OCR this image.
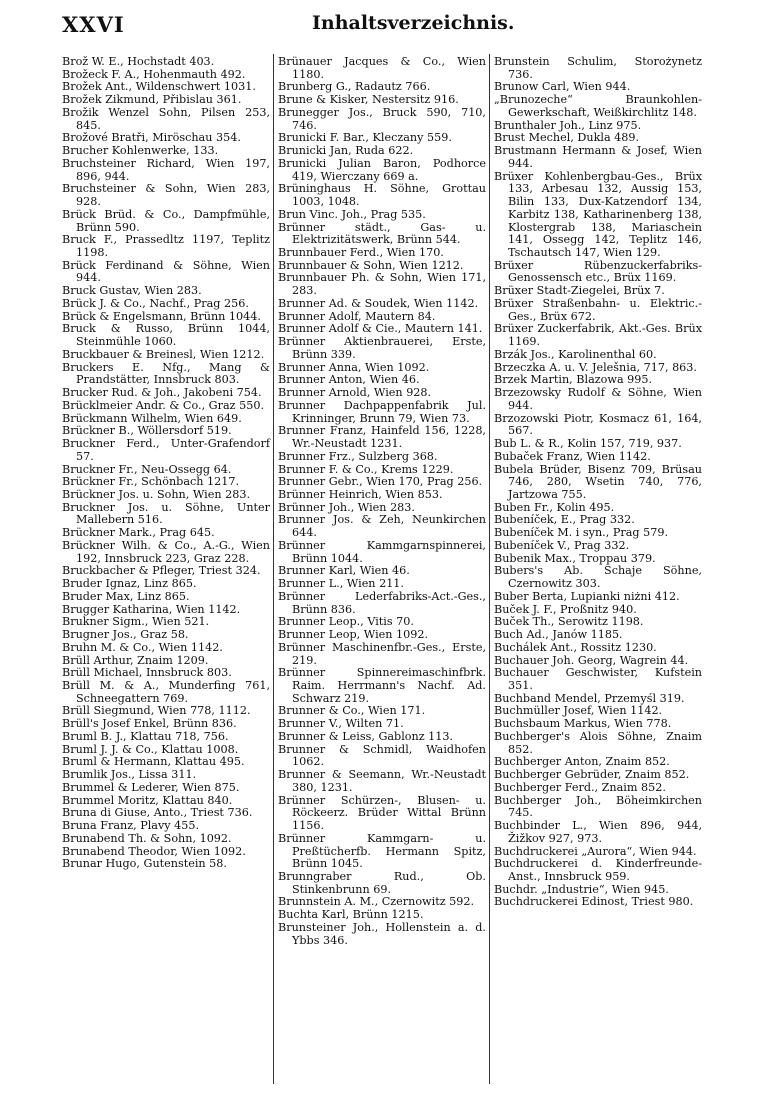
XXVI	Inhaltsverzeichnis.
Brož W. E., Hochstadt 403.
Brožeck F. A., Hohenmauth 492.
Brožek Ant., Wildenschwert 1031.
Brožek Zikmund, Přibislau 361.
Brožik Wenzel Sohn, Pilsen 253, 845.
Brožové Bratři, Miröschau 354.
Brucher Kohlenwerke, 133.
Bruchsteiner Richard, Wien 197, 896, 944.
Bruchsteiner & Sohn, Wien 283, 928.
Brück Brüd. & Co., Dampfmühle, Brünn 590.
Bruck F., Prassedltz 1197, Teplitz 1198.
Brück Ferdinand & Söhne, Wien 944.
Bruck Gustav, Wien 283.
Brück J. & Co., Nachf., Prag 256.
Brück & Engelsmann, Brünn 1044.
Bruck & Russo, Brünn 1044, Steinmühle 1060.
Bruckbauer & Breinesl, Wien 1212.
Bruckers E. Nfg., Mang & Prandstätter, Innsbruck 803.
Brucker Rud. & Joh., Jakobeni 754.
Brücklmeier Andr. & Co., Graz 550.
Brückmann Wilhelm, Wien 649.
Brückner B., Wöllersdorf 519.
Bruckner Ferd., Unter-Grafendorf 57.
Bruckner Fr., Neu-Ossegg 64.
Brückner Fr., Schönbach 1217.
Brückner Jos. u. Sohn, Wien 283.
Bruckner Jos. u. Söhne, Unter Mallebern 516.
Brückner Mark., Prag 645.
Brückner Wilh. & Co., A.-G., Wien 192, Innsbruck 223, Graz 228.
Bruckbacher & Pfleger, Triest 324.
Bruder Ignaz, Linz 865.
Bruder Max, Linz 865.
Brugger Katharina, Wien 1142.
Brukner Sigm., Wien 521.
Brugner Jos., Graz 58.
Bruhn M. & Co., Wien 1142.
Brüll Arthur, Znaim 1209.
Brüll Michael, Innsbruck 803.
Brüll M. & A., Munderfing 761, Schneegattern 769.
Brüll Siegmund, Wien 778, 1112.
Brüll's Josef Enkel, Brünn 836.
Bruml B. J., Klattau 718, 756.
Bruml J. J. & Co., Klattau 1008.
Bruml & Hermann, Klattau 495.
Brumlik Jos., Lissa 311.
Brummel & Lederer, Wien 875.
Brummel Moritz, Klattau 840.
Bruna di Giuse, Anto., Triest 736.
Bruna Franz, Plavy 455.
Brunabend Th. & Sohn, 1092.
Brunabend Theodor, Wien 1092.
Brunar Hugo, Gutenstein 58.
Brünauer Jacques & Co., Wien 1180.
Brunberg G., Radautz 766.
Brune & Kisker, Nestersitz 916.
Brunegger Jos., Bruck 590, 710, 746.
Brunicki F. Bar., Kleczany 559.
Brunicki Jan, Ruda 622.
Brunicki Julian Baron, Podhorce 419, Wierczany 669 a.
Brüninghaus H. Söhne, Grottau 1003, 1048.
Brun Vinc. Joh., Prag 535.
Brünner städt., Gas- u. Elektrizitätswerk, Brünn 544.
Brunnbauer Ferd., Wien 170.
Brunnbauer & Sohn, Wien 1212.
Brunnbauer Ph. & Sohn, Wien 171, 283.
Brunner Ad. & Soudek, Wien 1142.
Brunner Adolf, Mautern 84.
Brunner Adolf & Cie., Mautern 141.
Brünner Aktienbrauerei, Erste, Brünn 339.
Brunner Anna, Wien 1092.
Brunner Anton, Wien 46.
Brunner Arnold, Wien 928.
Brunner Dachpappenfabrik Jul. Krinninger, Brunn 79, Wien 73.
Brunner Franz, Hainfeld 156, 1228, Wr.-Neustadt 1231.
Brunner Frz., Sulzberg 368.
Brunner F. & Co., Krems 1229.
Brunner Gebr., Wien 170, Prag 256.
Brünner Heinrich, Wien 853.
Brünner Joh., Wien 283.
Brunner Jos. & Zeh, Neunkirchen 644.
Brünner Kammgarnspinnerei, Brünn 1044.
Brunner Karl, Wien 46.
Brunner L., Wien 211.
Brünner Lederfabriks-Act.-Ges., Brünn 836.
Brunner Leop., Vitis 70.
Brunner Leop, Wien 1092.
Brünner Maschinenfbr.-Ges., Erste, 219.
Brünner Spinnereimaschinfbrk. Raim. Herrmann's Nachf. Ad. Schwarz 219.
Brunner & Co., Wien 171.
Brunner V., Wilten 71.
Brunner & Leiss, Gablonz 113.
Brunner & Schmidl, Waidhofen 1062.
Brunner & Seemann, Wr.-Neustadt 380, 1231.
Brünner Schürzen-, Blusen- u. Röckeerz. Brüder Wittal Brünn 1156.
Brünner Kammgarn- u. Preßtücherfb. Hermann Spitz, Brünn 1045.
Brunngraber Rud., Ob. Stinkenbrunn 69.
Brunnstein A. M., Czernowitz 592.
Buchta Karl, Brünn 1215.
Brunsteiner Joh., Hollenstein a. d. Ybbs 346.
Brunstein Schulim, Storożynetz 736.
Brunow Carl, Wien 944.
„Brunozeche“ Braunkohlen-Gewerkschaft, Weißkirchlitz 148.
Brunthaler Joh., Linz 975.
Brust Mechel, Dukla 489.
Brustmann Hermann & Josef, Wien 944.
Brüxer Kohlenbergbau-Ges., Brüx 133, Arbesau 132, Aussig 153, Bilin 133, Dux-Katzendorf 134, Karbitz 138, Katharinenberg 138, Klostergrab 138, Mariaschein 141, Ossegg 142, Teplitz 146, Tschautsch 147, Wien 129.
Brüxer Rübenzuckerfabriks-Genossensch etc., Brüx 1169.
Brüxer Stadt-Ziegelei, Brüx 7.
Brüxer Straßenbahn- u. Elektric.-Ges., Brüx 672.
Brüxer Zuckerfabrik, Akt.-Ges. Brüx 1169.
Brzák Jos., Karolinenthal 60.
Brzeczka A. u. V. Jelešnia, 717, 863.
Brzek Martin, Blazowa 995.
Brzezowsky Rudolf & Söhne, Wien 944.
Brzozowski Piotr, Kosmacz 61, 164, 567.
Bub L. & R., Kolin 157, 719, 937.
Bubaček Franz, Wien 1142.
Bubela Brüder, Bisenz 709, Brüsau 746, 280, Wsetin 740, 776, Jartzowa 755.
Buben Fr., Kolin 495.
Bubeníček, E., Prag 332.
Bubeníček M. i syn., Prag 579.
Bubeníček V., Prag 332.
Bubenik Max., Troppau 379.
Bubers's Ab. Schaje Söhne, Czernowitz 303.
Buber Berta, Lupianki niżni 412.
Buček J. F., Proßnitz 940.
Buček Th., Serowitz 1198.
Buch Ad., Janów 1185.
Buchálek Ant., Rossitz 1230.
Buchauer Joh. Georg, Wagrein 44.
Buchauer Geschwister, Kufstein 351.
Buchband Mendel, Przemyśl 319.
Buchmüller Josef, Wien 1142.
Buchsbaum Markus, Wien 778.
Buchberger's Alois Söhne, Znaim 852.
Buchberger Anton, Znaim 852.
Buchberger Gebrüder, Znaim 852.
Buchberger Ferd., Znaim 852.
Buchberger Joh., Böheimkirchen 745.
Buchbinder L., Wien 896, 944, Žižkov 927, 973.
Buchdruckerei „Aurora“, Wien 944.
Buchdruckerei d. Kinderfreunde-Anst., Innsbruck 959.
Buchdr. „Industrie“, Wien 945.
Buchdruckerei Edinost, Triest 980.
